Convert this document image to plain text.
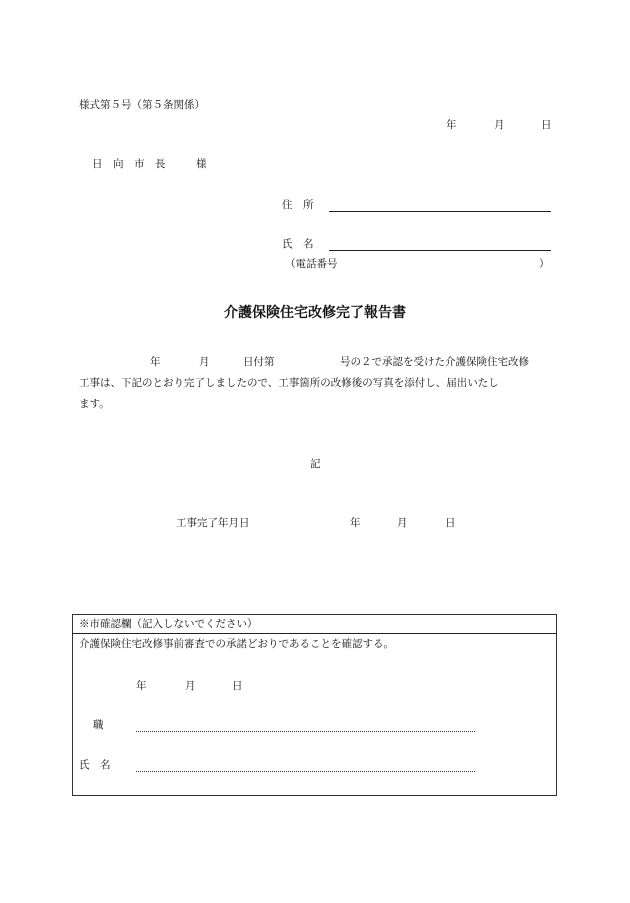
様式第５号（第５条関係）
年	月	日
日　向　市　長	様
住　所
氏　名
（電話番号	）
介護保険住宅改修完了報告書
年	月	日付第	号の２で承認を受けた介護保険住宅改修
工事は、下記のとおり完了しましたので、工事箇所の改修後の写真を添付し、届出いたし
ます。
記
工事完了年月日	年	月	日
※市確認欄（記入しないでください）
介護保険住宅改修事前審査での承諾どおりであることを確認する。
年	月	日
職
氏　名
